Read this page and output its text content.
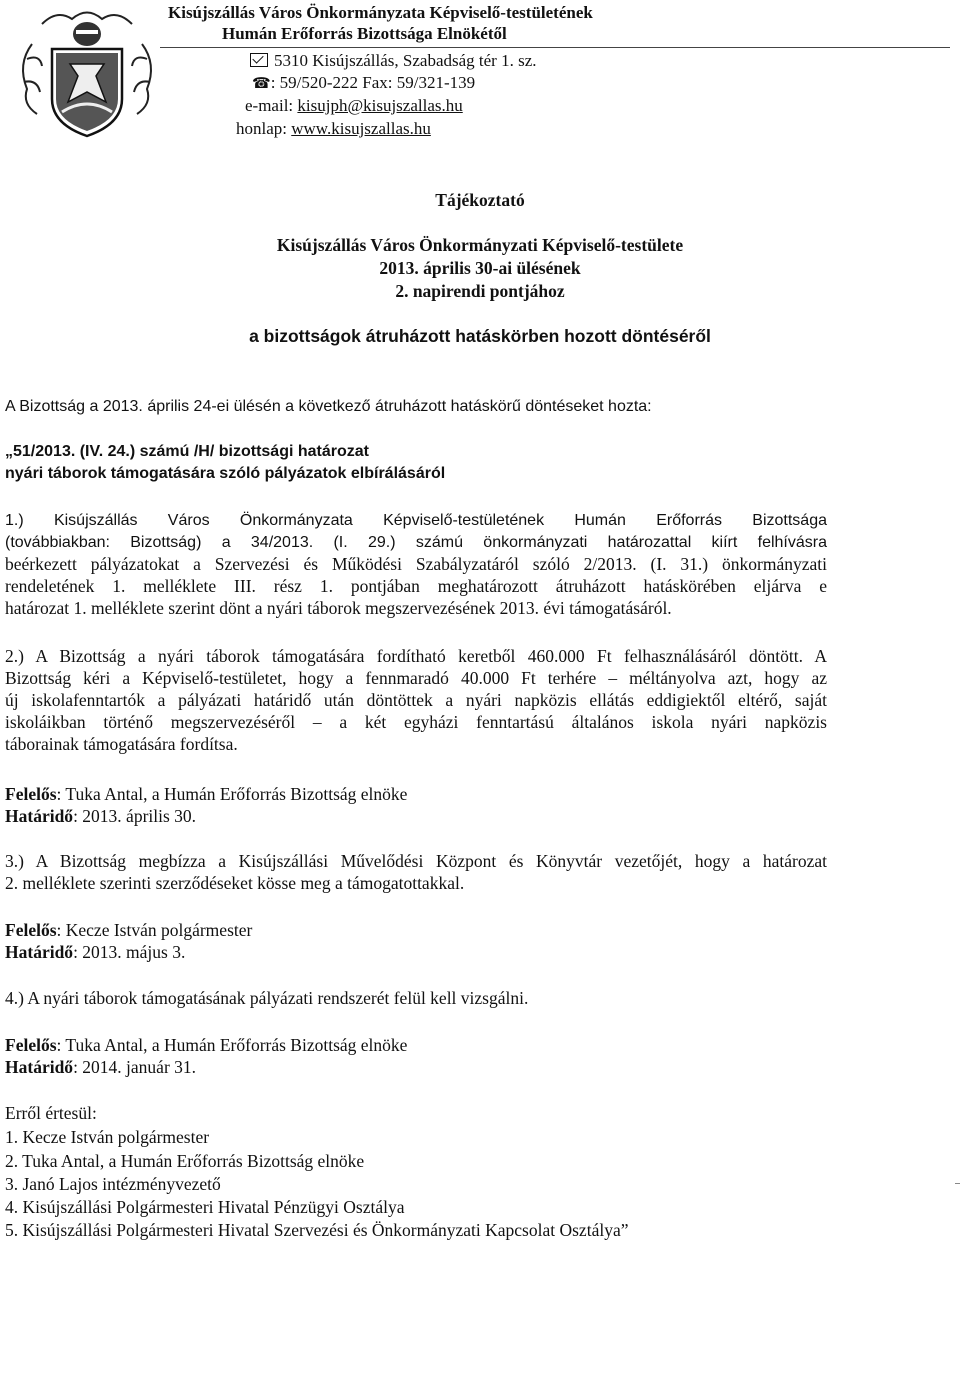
Kisújszállás Város Önkormányzata Képviselő-testületének
Humán Erőforrás Bizottsága Elnökétől
5310 Kisújszállás, Szabadság tér 1. sz.
☎: 59/520-222 Fax: 59/321-139
e-mail: kisujph@kisujszallas.hu
honlap: www.kisujszallas.hu
Tájékoztató
Kisújszállás Város Önkormányzati Képviselő-testülete
2013. április 30-ai ülésének
2. napirendi pontjához
a bizottságok átruházott hatáskörben hozott döntéséről
A Bizottság a 2013. április 24-ei ülésén a következő átruházott hatáskörű döntéseket hozta:
„51/2013. (IV. 24.) számú /H/ bizottsági határozat
nyári táborok támogatására szóló pályázatok elbírálásáról
1.) Kisújszállás Város Önkormányzata Képviselő-testületének Humán Erőforrás Bizottsága
(továbbiakban: Bizottság) a 34/2013. (I. 29.) számú önkormányzati határozattal kiírt felhívásra
beérkezett pályázatokat a Szervezési és Működési Szabályzatáról szóló 2/2013. (I. 31.) önkormányzati
rendeletének 1. melléklete III. rész 1. pontjában meghatározott átruházott hatáskörében eljárva e
határozat 1. melléklete szerint dönt a nyári táborok megszervezésének 2013. évi támogatásáról.
2.) A Bizottság a nyári táborok támogatására fordítható keretből 460.000 Ft felhasználásáról döntött. A
Bizottság kéri a Képviselő-testületet, hogy a fennmaradó 40.000 Ft terhére – méltányolva azt, hogy az
új iskolafenntartók a pályázati határidő után döntöttek a nyári napközis ellátás eddigiektől eltérő, saját
iskoláikban történő megszervezéséről – a két egyházi fenntartású általános iskola nyári napközis
táborainak támogatására fordítsa.
Felelős: Tuka Antal, a Humán Erőforrás Bizottság elnöke
Határidő: 2013. április 30.
3.) A Bizottság megbízza a Kisújszállási Művelődési Központ és Könyvtár vezetőjét, hogy a határozat
2. melléklete szerinti szerződéseket kösse meg a támogatottakkal.
Felelős: Kecze István polgármester
Határidő: 2013. május 3.
4.) A nyári táborok támogatásának pályázati rendszerét felül kell vizsgálni.
Felelős: Tuka Antal, a Humán Erőforrás Bizottság elnöke
Határidő: 2014. január 31.
Erről értesül:
1. Kecze István polgármester
2. Tuka Antal, a Humán Erőforrás Bizottság elnöke
3. Janó Lajos intézményvezető
4. Kisújszállási Polgármesteri Hivatal Pénzügyi Osztálya
5. Kisújszállási Polgármesteri Hivatal Szervezési és Önkormányzati Kapcsolat Osztálya”
